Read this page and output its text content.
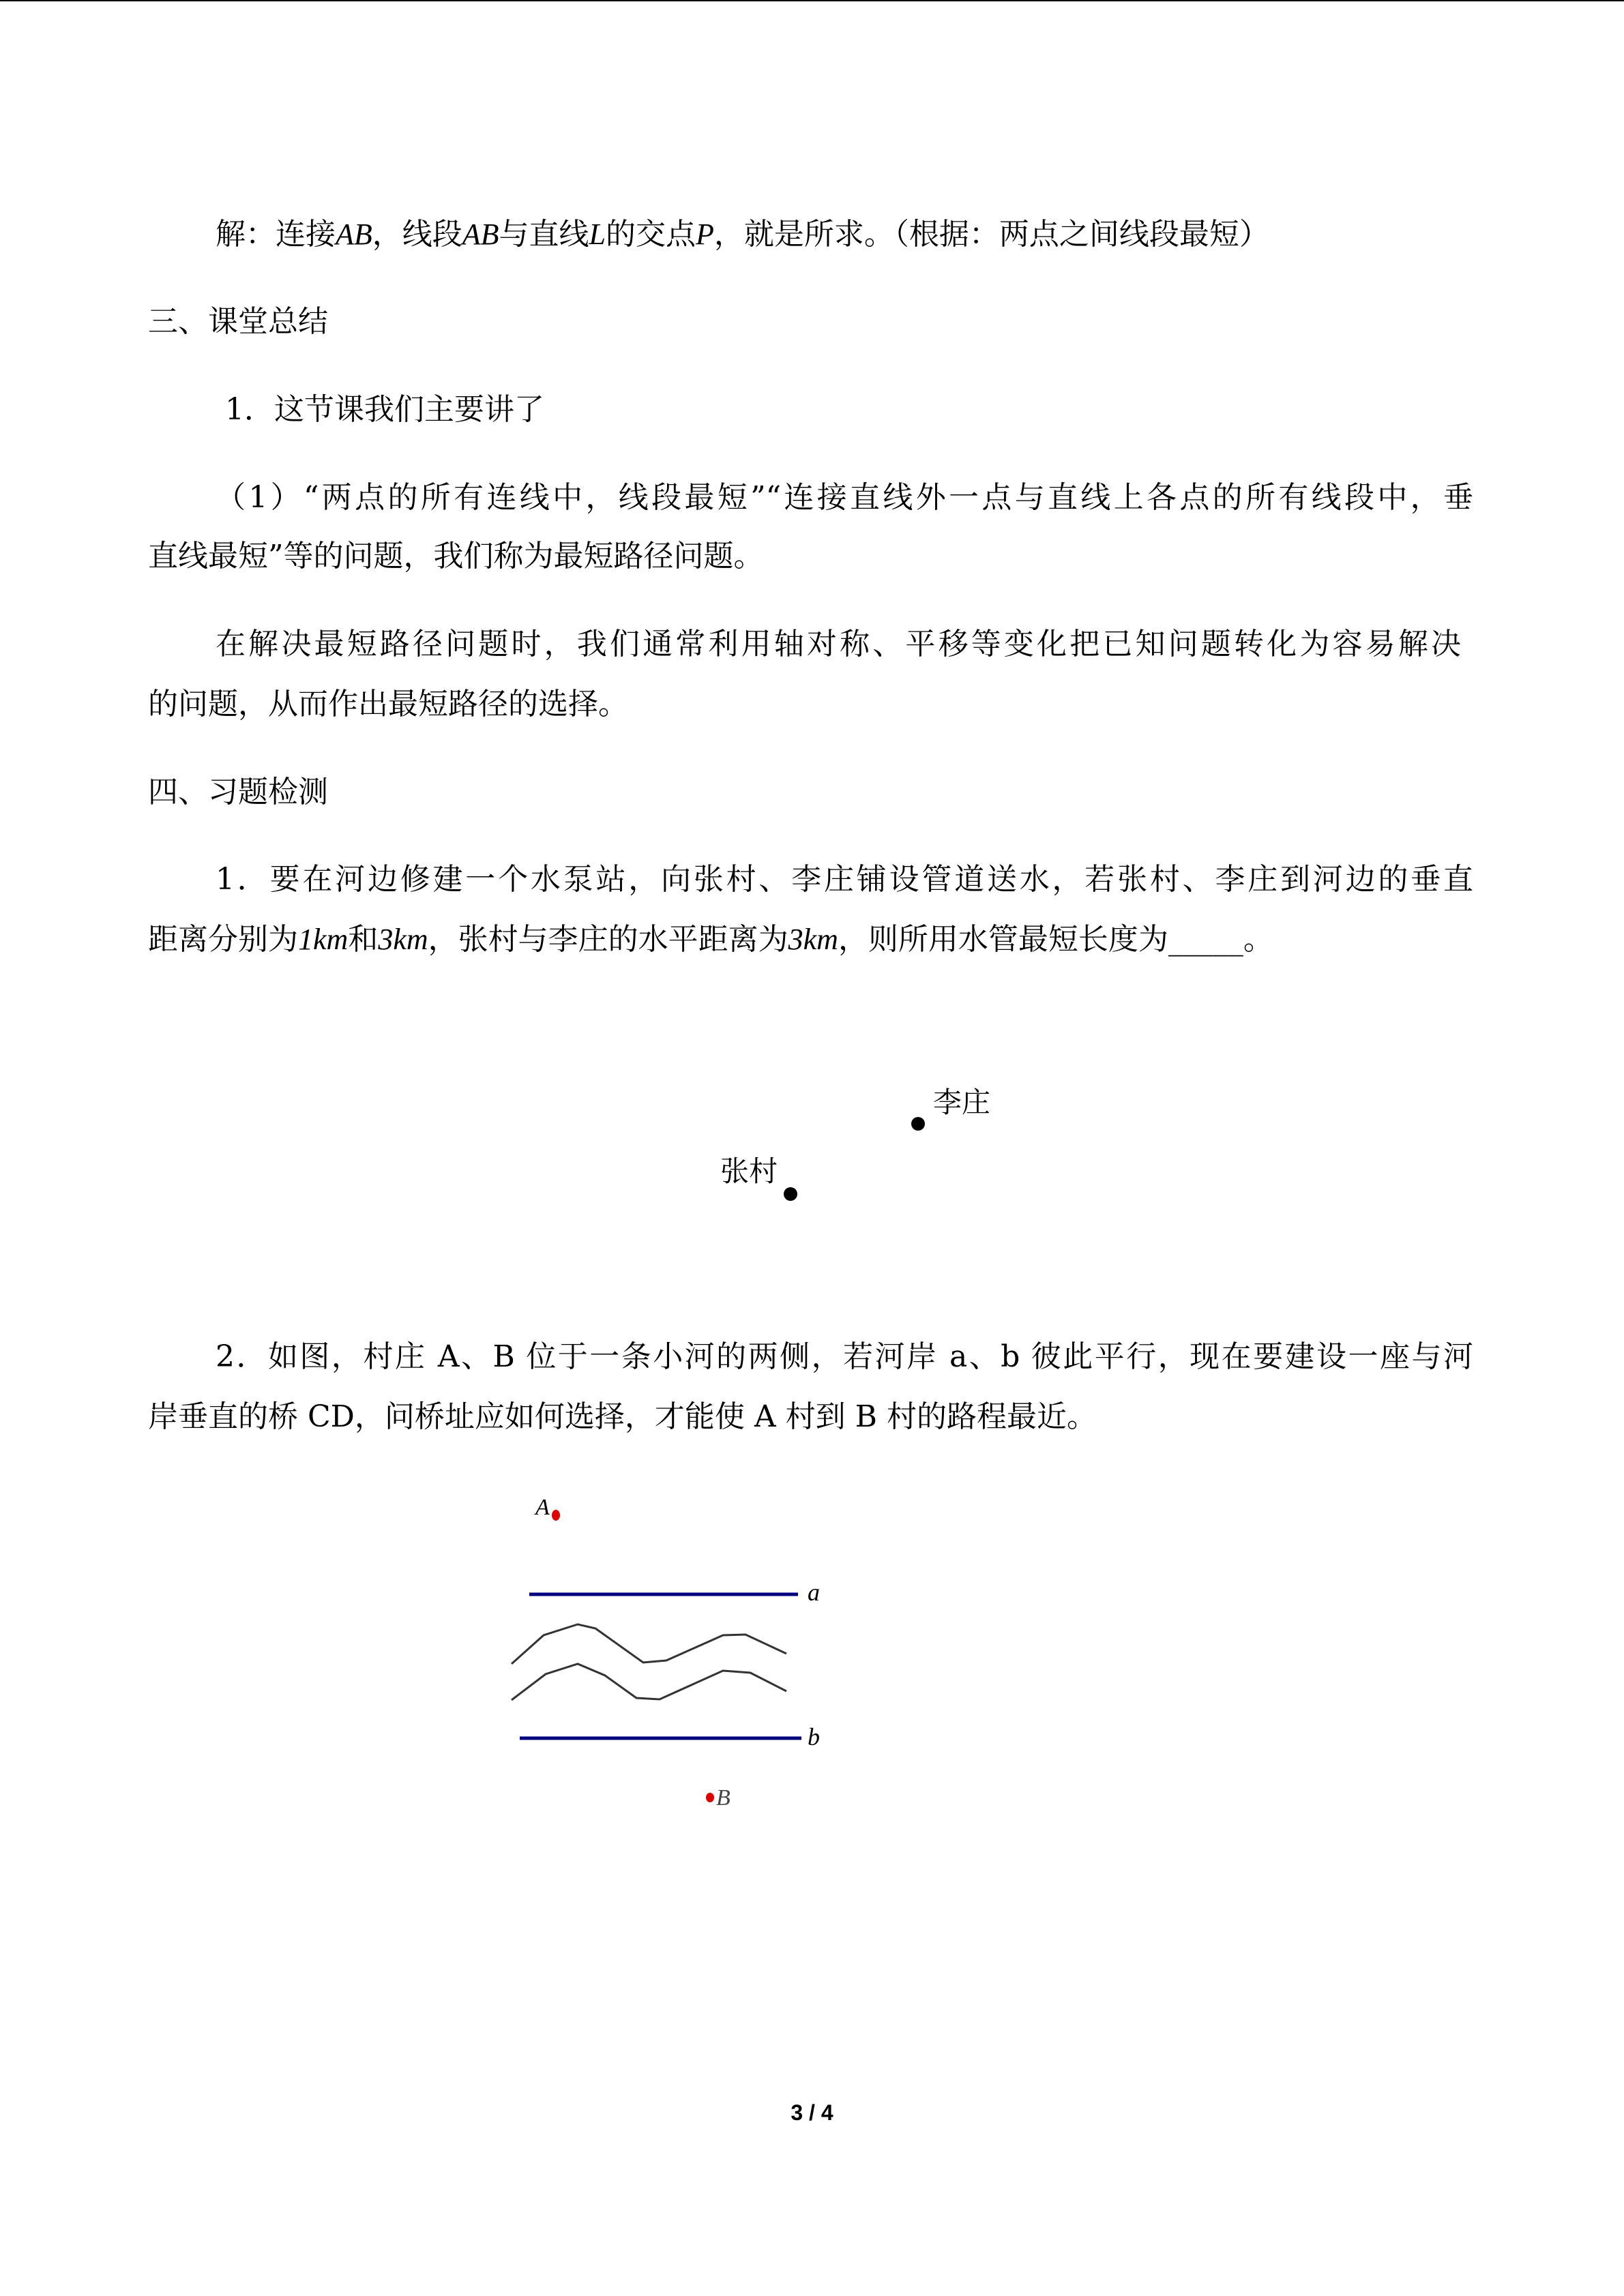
解：连接AB，线段AB与直线L的交点P，就是所求。（根据：两点之间线段最短）
三、课堂总结
1．这节课我们主要讲了
（1）“两点的所有连线中，线段最短”“连接直线外一点与直线上各点的所有线段中，垂
直线最短”等的问题，我们称为最短路径问题。
在解决最短路径问题时，我们通常利用轴对称、平移等变化把已知问题转化为容易解决
的问题，从而作出最短路径的选择。
四、习题检测
1．要在河边修建一个水泵站，向张村、李庄铺设管道送水，若张村、李庄到河边的垂直
距离分别为1km和3km，张村与李庄的水平距离为3km，则所用水管最短长度为_____。
李庄
张村
2．如图，村庄 A、B 位于一条小河的两侧，若河岸 a、b 彼此平行，现在要建设一座与河
岸垂直的桥 CD，问桥址应如何选择，才能使 A 村到 B 村的路程最近。
A
B
a
b
3 / 4
